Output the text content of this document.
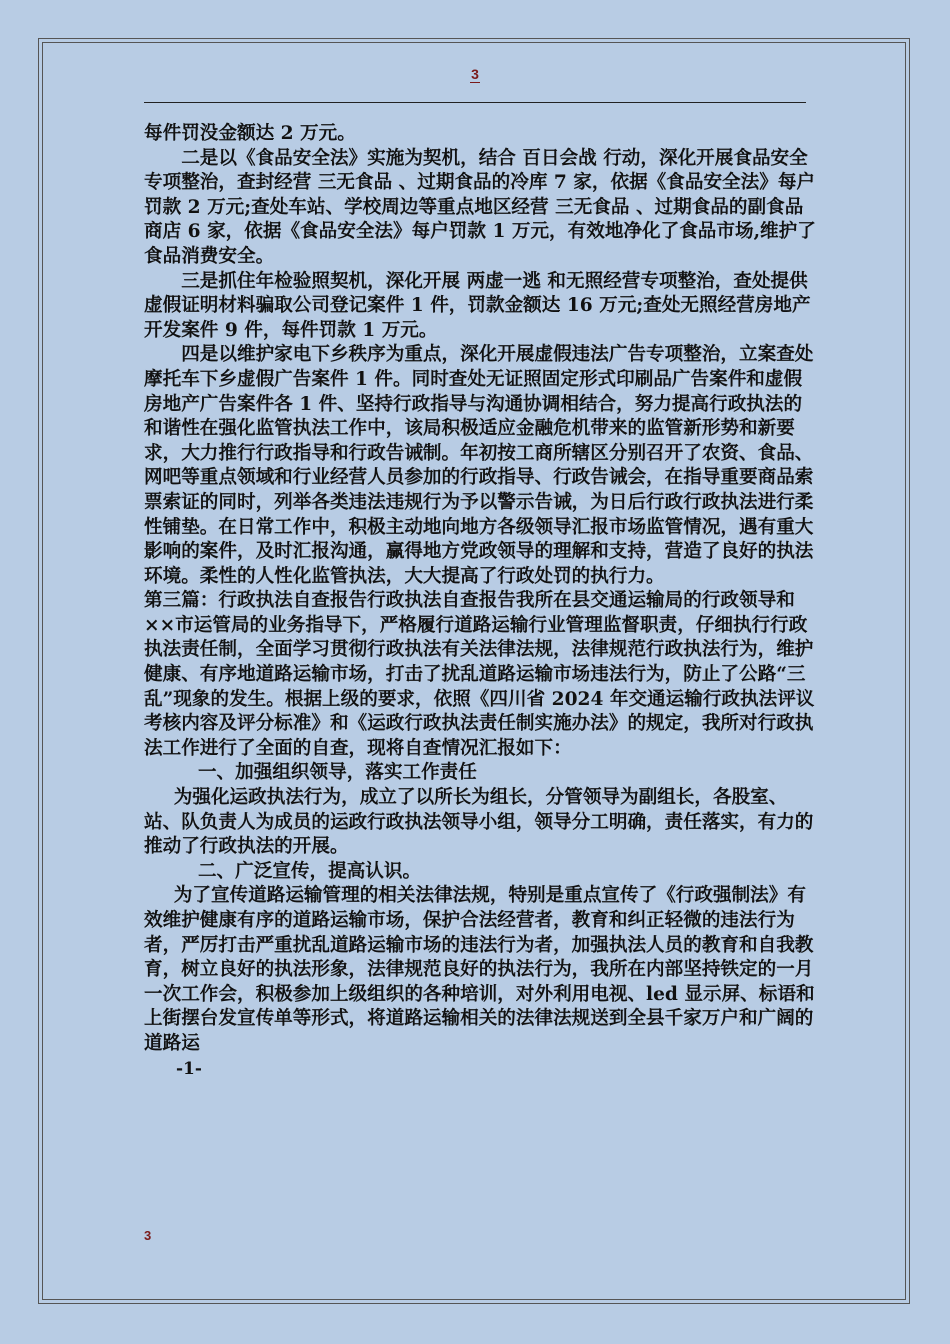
3

每件罚没金额达 2 万元。

二是以《食品安全法》实施为契机，结合 百日会战 行动，深化开展食品安全专项整治，查封经营 三无食品 、过期食品的冷库 7 家，依据《食品安全法》每户罚款 2 万元;查处车站、学校周边等重点地区经营 三无食品 、过期食品的副食品商店 6 家，依据《食品安全法》每户罚款 1 万元，有效地净化了食品市场,维护了食品消费安全。

三是抓住年检验照契机，深化开展 两虚一逃 和无照经营专项整治，查处提供虚假证明材料骗取公司登记案件 1 件，罚款金额达 16 万元;查处无照经营房地产开发案件 9 件，每件罚款 1 万元。

四是以维护家电下乡秩序为重点，深化开展虚假违法广告专项整治，立案查处摩托车下乡虚假广告案件 1 件。同时查处无证照固定形式印刷品广告案件和虚假房地产广告案件各 1 件、坚持行政指导与沟通协调相结合，努力提高行政执法的和谐性在强化监管执法工作中，该局积极适应金融危机带来的监管新形势和新要求，大力推行行政指导和行政告诫制。年初按工商所辖区分别召开了农资、食品、网吧等重点领域和行业经营人员参加的行政指导、行政告诫会，在指导重要商品索票索证的同时，列举各类违法违规行为予以警示告诫，为日后行政行政执法进行柔性铺垫。在日常工作中，积极主动地向地方各级领导汇报市场监管情况，遇有重大影响的案件，及时汇报沟通，赢得地方党政领导的理解和支持，营造了良好的执法环境。柔性的人性化监管执法，大大提高了行政处罚的执行力。

第三篇：行政执法自查报告行政执法自查报告我所在县交通运输局的行政领导和××市运管局的业务指导下，严格履行道路运输行业管理监督职责，仔细执行行政执法责任制，全面学习贯彻行政执法有关法律法规，法律规范行政执法行为，维护健康、有序地道路运输市场，打击了扰乱道路运输市场违法行为，防止了公路“三乱”现象的发生。根据上级的要求，依照《四川省 2024 年交通运输行政执法评议考核内容及评分标准》和《运政行政执法责任制实施办法》的规定，我所对行政执法工作进行了全面的自查，现将自查情况汇报如下：

一、加强组织领导，落实工作责任

为强化运政执法行为，成立了以所长为组长，分管领导为副组长，各股室、站、队负责人为成员的运政行政执法领导小组，领导分工明确，责任落实，有力的推动了行政执法的开展。

二、广泛宣传，提高认识。

为了宣传道路运输管理的相关法律法规，特别是重点宣传了《行政强制法》有效维护健康有序的道路运输市场，保护合法经营者，教育和纠正轻微的违法行为者，严厉打击严重扰乱道路运输市场的违法行为者，加强执法人员的教育和自我教育，树立良好的执法形象，法律规范良好的执法行为，我所在内部坚持铁定的一月一次工作会，积极参加上级组织的各种培训，对外利用电视、led 显示屏、标语和上街摆台发宣传单等形式，将道路运输相关的法律法规送到全县千家万户和广阔的道路运

-1-

3
